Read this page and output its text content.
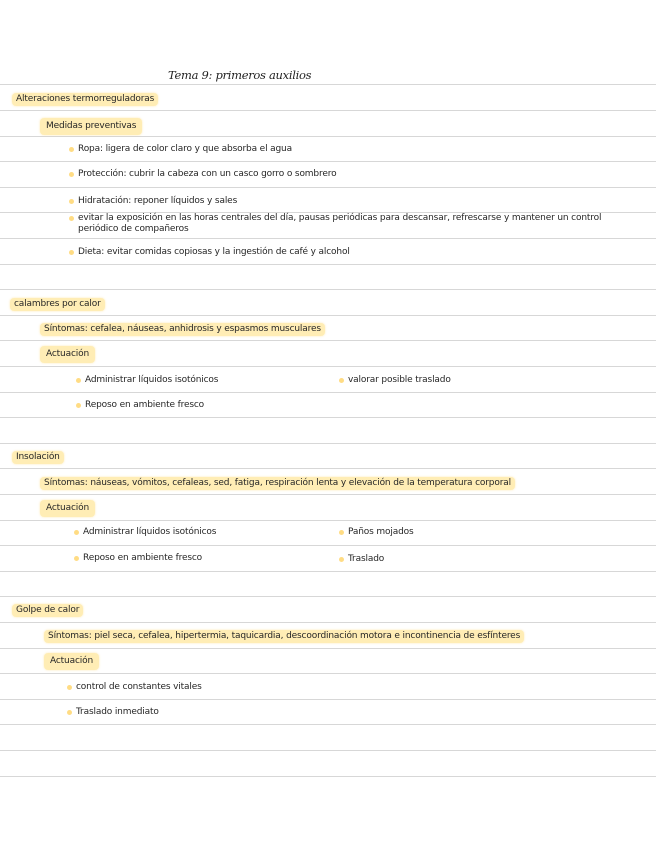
Tema 9: primeros auxilios
Alteraciones termorreguladoras
Medidas preventivas
Ropa: ligera de color claro y que absorba el agua
Protección: cubrir la cabeza con un casco gorro o sombrero
Hidratación: reponer líquidos y sales
evitar la exposición en las horas centrales del día, pausas periódicas para descansar, refrescarse y mantener un control periódico de compañeros
Dieta: evitar comidas copiosas y la ingestión de café y alcohol
calambres por calor
Síntomas: cefalea, náuseas, anhidrosis y espasmos musculares
Actuación
Administrar líquidos isotónicos	valorar posible traslado
Reposo en ambiente fresco
Insolación
Síntomas: náuseas, vómitos, cefaleas, sed, fatiga, respiración lenta y elevación de la temperatura corporal
Actuación
Administrar líquidos isotónicos	Paños mojados
Reposo en ambiente fresco	Traslado
Golpe de calor
Síntomas: piel seca, cefalea, hipertermia, taquicardia, descoordinación motora e incontinencia de esfínteres
Actuación
control de constantes vitales
Traslado inmediato
